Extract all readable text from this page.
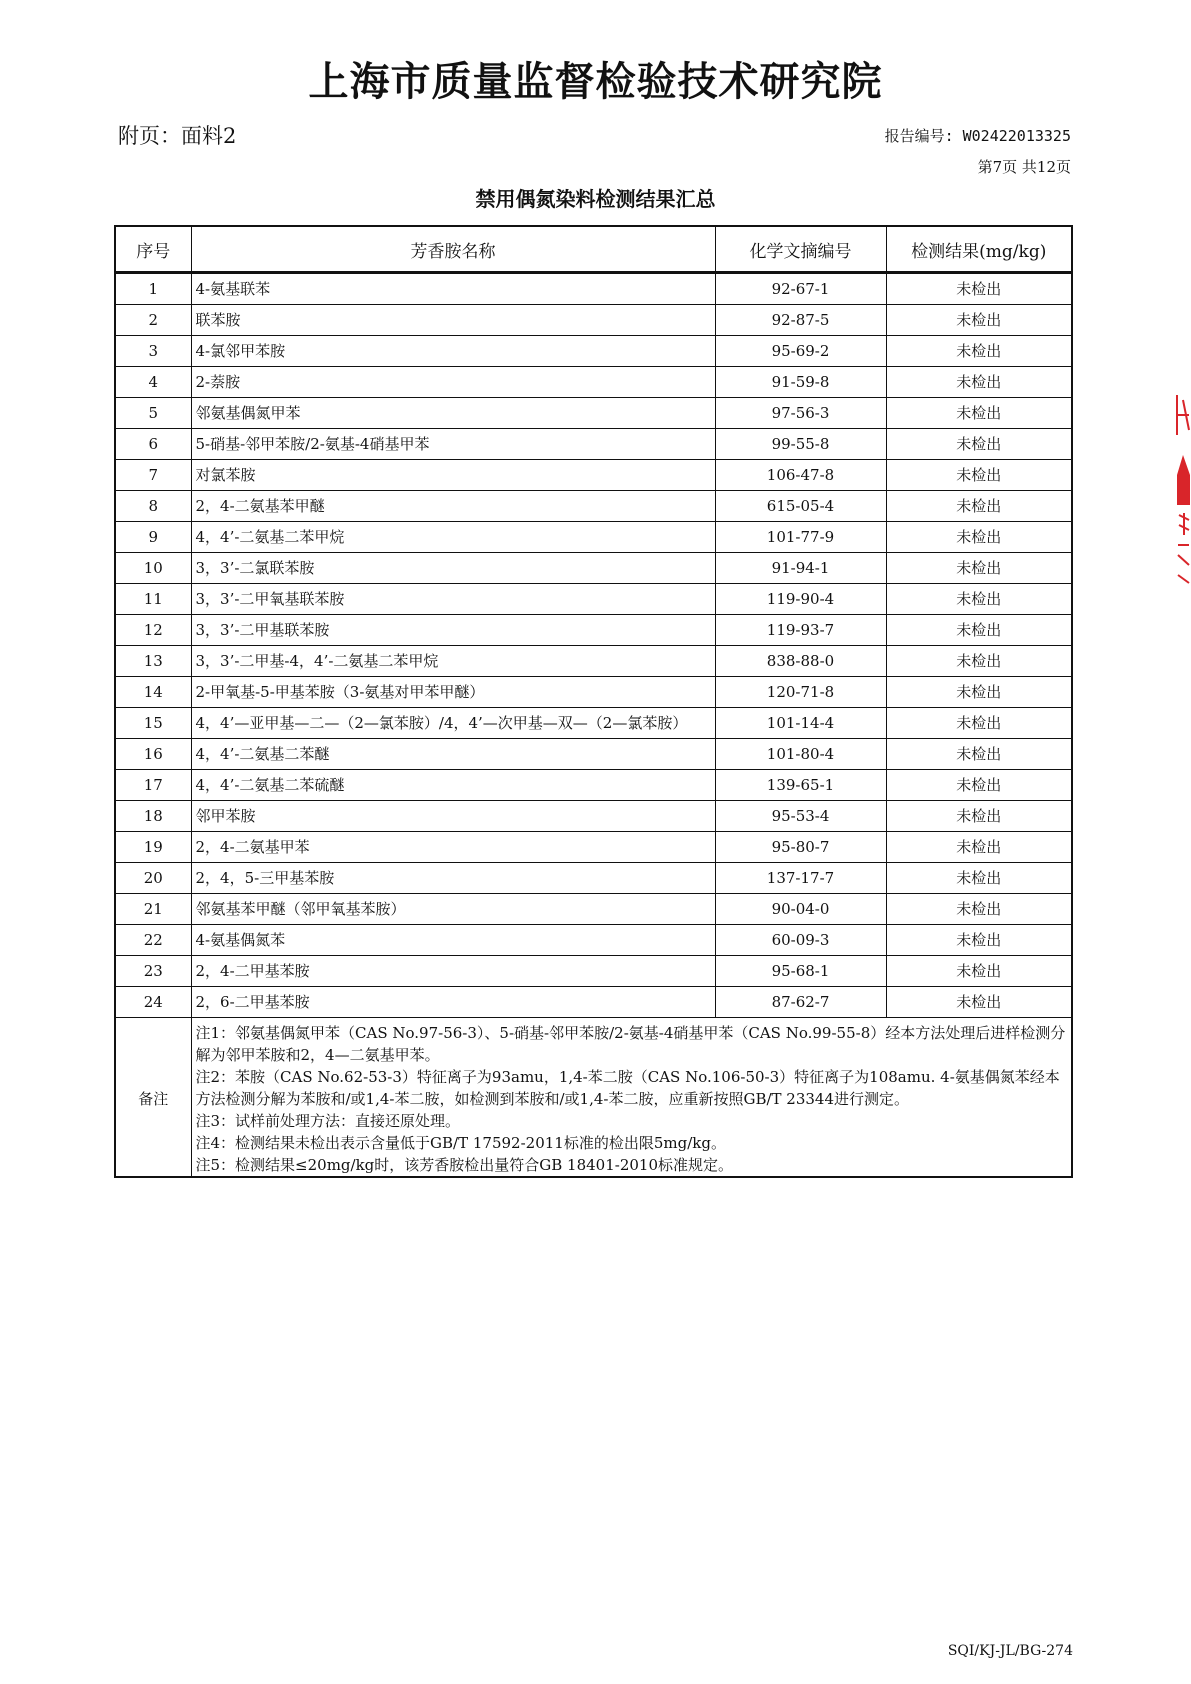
上海市质量监督检验技术研究院
附页：面料2	报告编号: W02422013325
第7页 共12页
禁用偶氮染料检测结果汇总
序号	芳香胺名称	化学文摘编号	检测结果(mg/kg)
1	4-氨基联苯	92-67-1	未检出
2	联苯胺	92-87-5	未检出
3	4-氯邻甲苯胺	95-69-2	未检出
4	2-萘胺	91-59-8	未检出
5	邻氨基偶氮甲苯	97-56-3	未检出
6	5-硝基-邻甲苯胺/2-氨基-4硝基甲苯	99-55-8	未检出
7	对氯苯胺	106-47-8	未检出
8	2，4-二氨基苯甲醚	615-05-4	未检出
9	4，4’-二氨基二苯甲烷	101-77-9	未检出
10	3，3’-二氯联苯胺	91-94-1	未检出
11	3，3’-二甲氧基联苯胺	119-90-4	未检出
12	3，3’-二甲基联苯胺	119-93-7	未检出
13	3，3’-二甲基-4，4’-二氨基二苯甲烷	838-88-0	未检出
14	2-甲氧基-5-甲基苯胺（3-氨基对甲苯甲醚）	120-71-8	未检出
15	4，4’—亚甲基—二—（2—氯苯胺）/4，4’—次甲基—双—（2—氯苯胺）	101-14-4	未检出
16	4，4’-二氨基二苯醚	101-80-4	未检出
17	4，4’-二氨基二苯硫醚	139-65-1	未检出
18	邻甲苯胺	95-53-4	未检出
19	2，4-二氨基甲苯	95-80-7	未检出
20	2，4，5-三甲基苯胺	137-17-7	未检出
21	邻氨基苯甲醚（邻甲氧基苯胺）	90-04-0	未检出
22	4-氨基偶氮苯	60-09-3	未检出
23	2，4-二甲基苯胺	95-68-1	未检出
24	2，6-二甲基苯胺	87-62-7	未检出
备注	注1：邻氨基偶氮甲苯（CAS No.97-56-3）、5-硝基-邻甲苯胺/2-氨基-4硝基甲苯（CAS No.99-55-8）经本方法处理后进样检测分解为邻甲苯胺和2，4—二氨基甲苯。
注2：苯胺（CAS No.62-53-3）特征离子为93amu，1,4-苯二胺（CAS No.106-50-3）特征离子为108amu. 4-氨基偶氮苯经本方法检测分解为苯胺和/或1,4-苯二胺，如检测到苯胺和/或1,4-苯二胺，应重新按照GB/T 23344进行测定。
注3：试样前处理方法：直接还原处理。
注4：检测结果未检出表示含量低于GB/T 17592-2011标准的检出限5mg/kg。
注5：检测结果≤20mg/kg时，该芳香胺检出量符合GB 18401-2010标准规定。		
SQI/KJ-JL/BG-274
